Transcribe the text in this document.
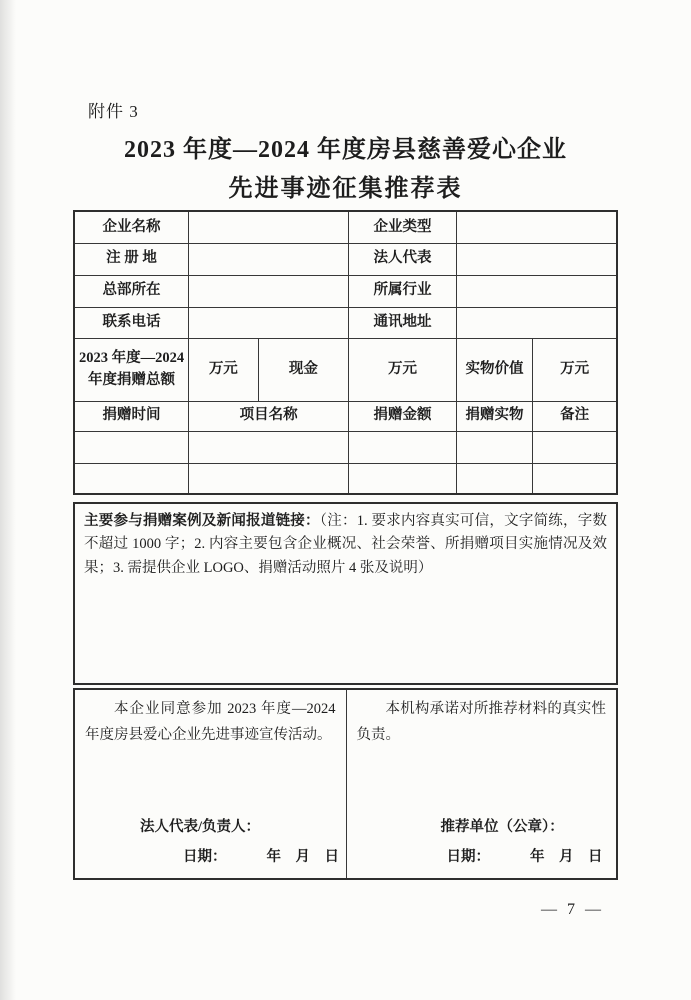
附件 3
2023 年度—2024 年度房县慈善爱心企业
先进事迹征集推荐表
企业名称			企业类型		
注 册 地			法人代表		
总部所在			所属行业		
联系电话			通讯地址		
2023 年度—2024 年度捐赠总额	万元	现金	万元	实物价值	万元
捐赠时间	项目名称		捐赠金额	捐赠实物	备注

主要参与捐赠案例及新闻报道链接：（注：1. 要求内容真实可信，文字简练，字数不超过 1000 字；2. 内容主要包含企业概况、社会荣誉、所捐赠项目实施情况及效果；3. 需提供企业 LOGO、捐赠活动照片 4 张及说明）

本企业同意参加 2023 年度—2024 年度房县爱心企业先进事迹宣传活动。

法人代表/负责人：
日期：	年　月　日

本机构承诺对所推荐材料的真实性负责。

推荐单位（公章）：
日期：	年　月　日
— 7 —
